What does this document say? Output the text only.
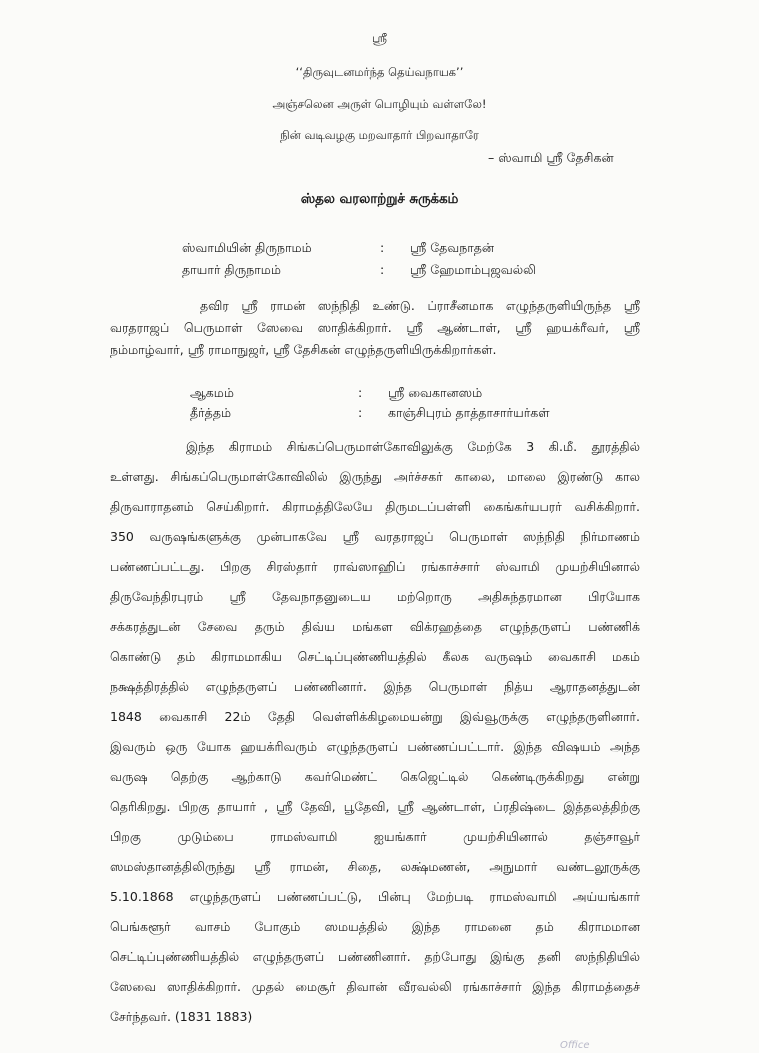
ஸ்ரீ
‘‘திருவுடனமர்ந்த தெய்வநாயக’’
அஞ்சலென அருள் பொழியும் வள்ளலே!
நின் வடிவழகு மறவாதார் பிறவாதாரே
– ஸ்வாமி ஸ்ரீ தேசிகன்
ஸ்தல வரலாற்றுச் சுருக்கம்
ஸ்வாமியின் திருநாமம்	: ஸ்ரீ தேவநாதன்
தாயார் திருநாமம்	: ஸ்ரீ ஹேமாம்புஜவல்லி
தவிர ஸ்ரீ ராமன் ஸந்நிதி உண்டு. ப்ராசீனமாக எழுந்தருளியிருந்த ஸ்ரீ
வரதராஜப் பெருமாள் ஸேவை ஸாதிக்கிறார். ஸ்ரீ ஆண்டாள், ஸ்ரீ ஹயக்ரீவர், ஸ்ரீ
நம்மாழ்வார், ஸ்ரீ ராமாநுஜர், ஸ்ரீ தேசிகன் எழுந்தருளியிருக்கிறார்கள்.
ஆகமம்	: ஸ்ரீ வைகானஸம்
தீர்த்தம்	: காஞ்சிபுரம் தாத்தாசார்யர்கள்
இந்த கிராமம் சிங்கப்பெருமாள்கோவிலுக்கு மேற்கே 3 கி.மீ. தூரத்தில்
உள்ளது. சிங்கப்பெருமாள்கோவிலில் இருந்து அர்ச்சகர் காலை, மாலை இரண்டு கால
திருவாராதனம் செய்கிறார். கிராமத்திலேயே திருமடப்பள்ளி கைங்கர்யபரர் வசிக்கிறார்.
350 வருஷங்களுக்கு முன்பாகவே ஸ்ரீ வரதராஜப் பெருமாள் ஸந்நிதி நிர்மாணம்
பண்ணப்பட்டது. பிறகு சிரஸ்தார் ராவ்ஸாஹிப் ரங்காச்சார் ஸ்வாமி முயற்சியினால்
திருவேந்திரபுரம் ஸ்ரீ தேவநாதனுடைய மற்றொரு அதிசுந்தரமான பிரயோக
சக்கரத்துடன் சேவை தரும் திவ்ய மங்கள விக்ரஹத்தை எழுந்தருளப் பண்ணிக்
கொண்டு தம் கிராமமாகிய செட்டிப்புண்ணியத்தில் கீலக வருஷம் வைகாசி மகம்
நக்ஷத்திரத்தில் எழுந்தருளப் பண்ணினார். இந்த பெருமாள் நித்ய ஆராதனத்துடன்
1848 வைகாசி 22ம் தேதி வெள்ளிக்கிழமையன்று இவ்வூருக்கு எழுந்தருளினார்.
இவரும் ஒரு யோக ஹயக்ரிவரும் எழுந்தருளப் பண்ணப்பட்டார். இந்த விஷயம் அந்த
வருஷ தெற்கு ஆற்காடு கவர்மெண்ட் கெஜெட்டில் கெண்டிருக்கிறது என்று
தெரிகிறது. பிறகு தாயார் , ஸ்ரீ தேவி, பூதேவி, ஸ்ரீ ஆண்டாள், ப்ரதிஷ்டை இத்தலத்திற்கு
பிறகு முடும்பை ராமஸ்வாமி ஐயங்கார் முயற்சியினால் தஞ்சாவூர்
ஸமஸ்தானத்திலிருந்து ஸ்ரீ ராமன், சிதை, லக்ஷ்மணன், அநுமார் வண்டலூருக்கு
5.10.1868 எழுந்தருளப் பண்ணப்பட்டு, பின்பு மேற்படி ராமஸ்வாமி அய்யங்கார்
பெங்களூர் வாசம் போகும் ஸமயத்தில் இந்த ராமனை தம் கிராமமான
செட்டிப்புண்ணியத்தில் எழுந்தருளப் பண்ணினார். தற்போது இங்கு தனி ஸந்நிதியில்
ஸேவை ஸாதிக்கிறார். முதல் மைசூர் திவான் வீரவல்லி ரங்காச்சார் இந்த கிராமத்தைச்
சேர்ந்தவர். (1831 1883)
Office
